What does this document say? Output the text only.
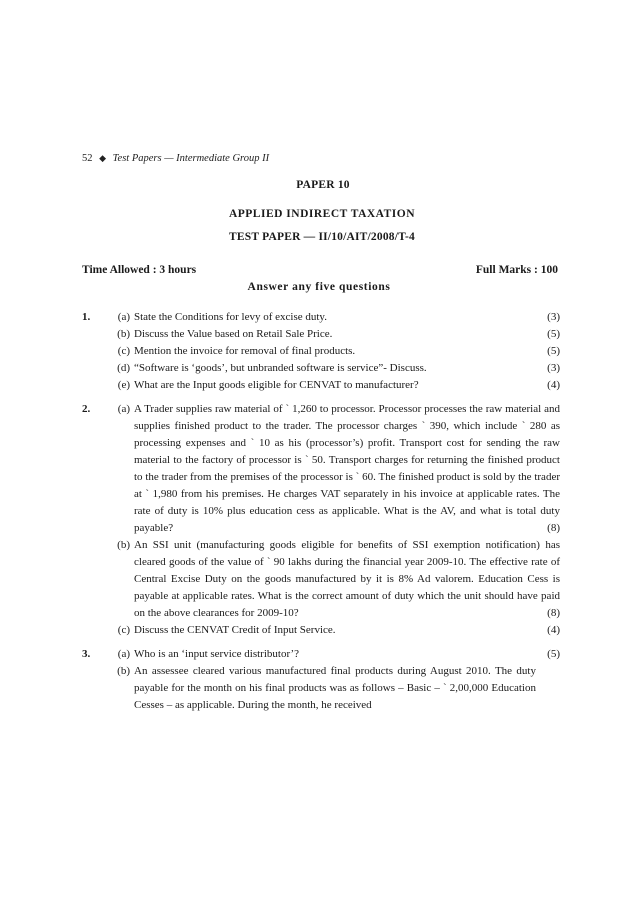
52 ◆ Test Papers — Intermediate Group II
PAPER 10
APPLIED INDIRECT TAXATION
TEST PAPER — II/10/AIT/2008/T-4
Time Allowed : 3 hours	Full Marks : 100
Answer any five questions
1.	(a) State the Conditions for levy of excise duty.	(3)
(b) Discuss the Value based on Retail Sale Price.	(5)
(c) Mention the invoice for removal of final products.	(5)
(d) “Software is ‘goods’, but unbranded software is service”- Discuss.	(3)
(e) What are the Input goods eligible for CENVAT to manufacturer?	(4)
2.	(a) A Trader supplies raw material of ` 1,260 to processor. Processor processes the raw material and supplies finished product to the trader. The processor charges ` 390, which include ` 280 as processing expenses and ` 10 as his (processor’s) profit. Transport cost for sending the raw material to the factory of processor is ` 50. Transport charges for returning the finished product to the trader from the premises of the processor is ` 60. The finished product is sold by the trader at ` 1,980 from his premises. He charges VAT separately in his invoice at applicable rates. The rate of duty is 10% plus education cess as applicable. What is the AV, and what is total duty payable?	(8)
(b) An SSI unit (manufacturing goods eligible for benefits of SSI exemption notification) has cleared goods of the value of ` 90 lakhs during the financial year 2009-10. The effective rate of Central Excise Duty on the goods manufactured by it is 8% Ad valorem. Education Cess is payable at applicable rates. What is the correct amount of duty which the unit should have paid on the above clearances for 2009-10?	(8)
(c) Discuss the CENVAT Credit of Input Service.	(4)
3.	(a) Who is an ‘input service distributor’?	(5)
(b) An assessee cleared various manufactured final products during August 2010. The duty payable for the month on his final products was as follows – Basic – ` 2,00,000 Education Cesses – as applicable. During the month, he received
